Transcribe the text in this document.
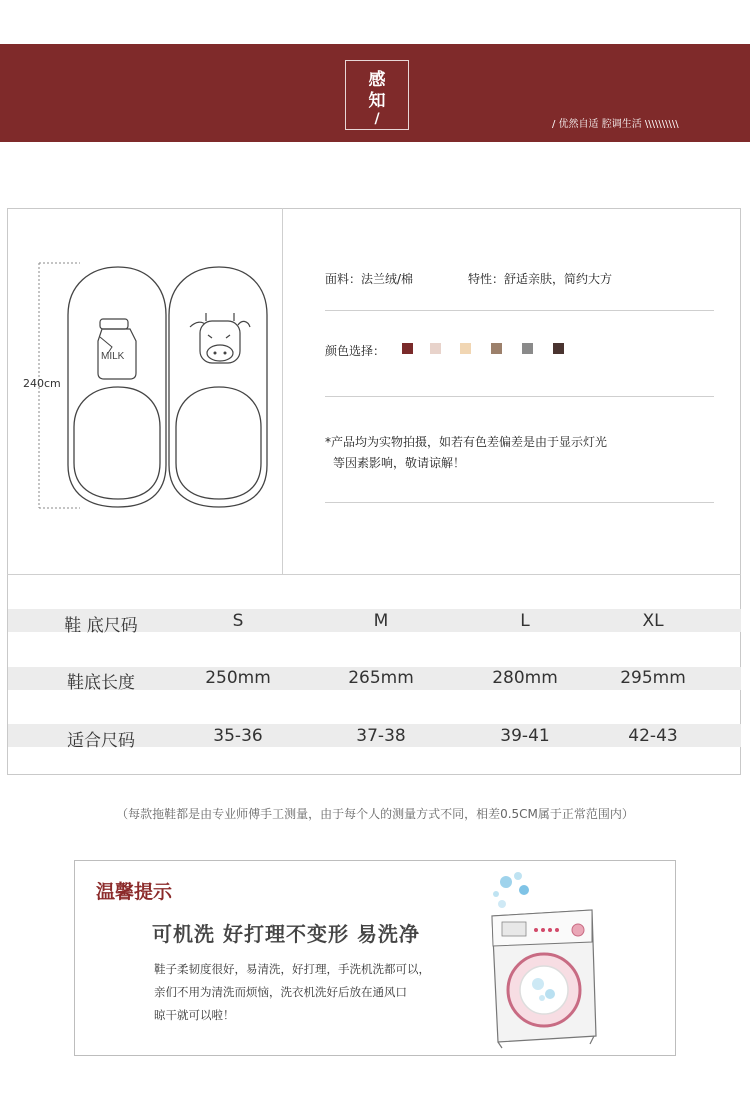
感
知
/	/ 优然自适 腔调生活 \\\\\\\\\\
MILK
240cm
面料：法兰绒/棉	特性：舒适亲肤，简约大方
颜色选择：
*产品均为实物拍摄，如若有色差偏差是由于显示灯光
等因素影响，敬请谅解！
鞋 底尺码	S	M	L	XL
鞋底长度	250mm	265mm	280mm	295mm
适合尺码	35-36	37-38	39-41	42-43
（每款拖鞋都是由专业师傅手工测量，由于每个人的测量方式不同，相差0.5CM属于正常范围内）
温馨提示
可机洗 好打理不变形 易洗净
鞋子柔韧度很好，易清洗，好打理，手洗机洗都可以，
亲们不用为清洗而烦恼，洗衣机洗好后放在通风口
晾干就可以啦！
